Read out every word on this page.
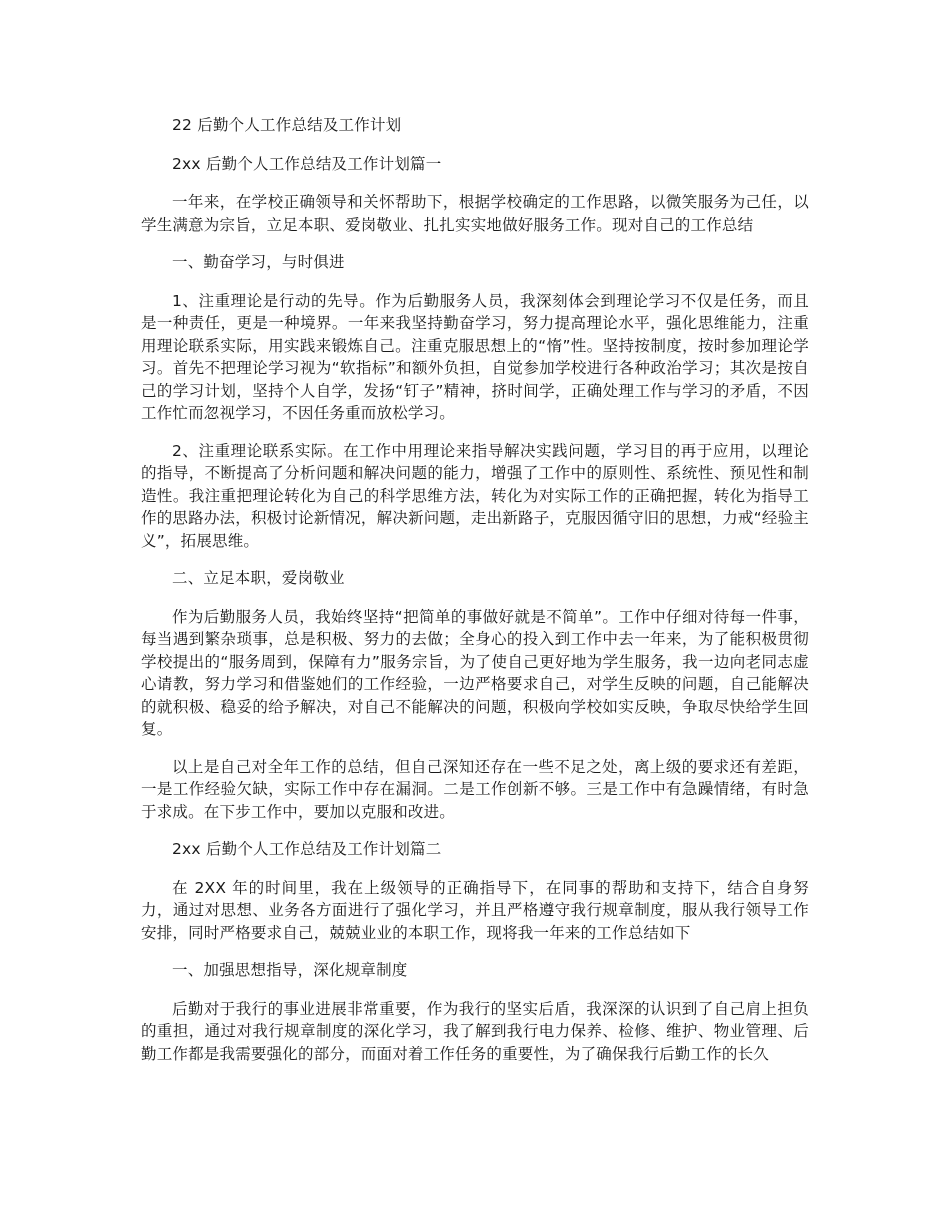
22 后勤个人工作总结及工作计划

2xx 后勤个人工作总结及工作计划篇一

一年来，在学校正确领导和关怀帮助下，根据学校确定的工作思路，以微笑服务为己任，以学生满意为宗旨，立足本职、爱岗敬业、扎扎实实地做好服务工作。现对自己的工作总结

一、勤奋学习，与时俱进

1、注重理论是行动的先导。作为后勤服务人员，我深刻体会到理论学习不仅是任务，而且是一种责任，更是一种境界。一年来我坚持勤奋学习，努力提高理论水平，强化思维能力，注重用理论联系实际，用实践来锻炼自己。注重克服思想上的“惰”性。坚持按制度，按时参加理论学习。首先不把理论学习视为“软指标”和额外负担，自觉参加学校进行各种政治学习；其次是按自己的学习计划，坚持个人自学，发扬“钉子”精神，挤时间学，正确处理工作与学习的矛盾，不因工作忙而忽视学习，不因任务重而放松学习。

2、注重理论联系实际。在工作中用理论来指导解决实践问题，学习目的再于应用，以理论的指导，不断提高了分析问题和解决问题的能力，增强了工作中的原则性、系统性、预见性和制造性。我注重把理论转化为自己的科学思维方法，转化为对实际工作的正确把握，转化为指导工作的思路办法，积极讨论新情况，解决新问题，走出新路子，克服因循守旧的思想，力戒“经验主义”，拓展思维。

二、立足本职，爱岗敬业

作为后勤服务人员，我始终坚持“把简单的事做好就是不简单”。工作中仔细对待每一件事，每当遇到繁杂琐事，总是积极、努力的去做；全身心的投入到工作中去一年来，为了能积极贯彻学校提出的“服务周到，保障有力”服务宗旨，为了使自己更好地为学生服务，我一边向老同志虚心请教，努力学习和借鉴她们的工作经验，一边严格要求自己，对学生反映的问题，自己能解决的就积极、稳妥的给予解决，对自己不能解决的问题，积极向学校如实反映，争取尽快给学生回复。

以上是自己对全年工作的总结，但自己深知还存在一些不足之处，离上级的要求还有差距，一是工作经验欠缺，实际工作中存在漏洞。二是工作创新不够。三是工作中有急躁情绪，有时急于求成。在下步工作中，要加以克服和改进。

2xx 后勤个人工作总结及工作计划篇二

在 2XX 年的时间里，我在上级领导的正确指导下，在同事的帮助和支持下，结合自身努力，通过对思想、业务各方面进行了强化学习，并且严格遵守我行规章制度，服从我行领导工作安排，同时严格要求自己，兢兢业业的本职工作，现将我一年来的工作总结如下

一、加强思想指导，深化规章制度

后勤对于我行的事业进展非常重要，作为我行的坚实后盾，我深深的认识到了自己肩上担负的重担，通过对我行规章制度的深化学习，我了解到我行电力保养、检修、维护、物业管理、后勤工作都是我需要强化的部分，而面对着工作任务的重要性，为了确保我行后勤工作的长久
